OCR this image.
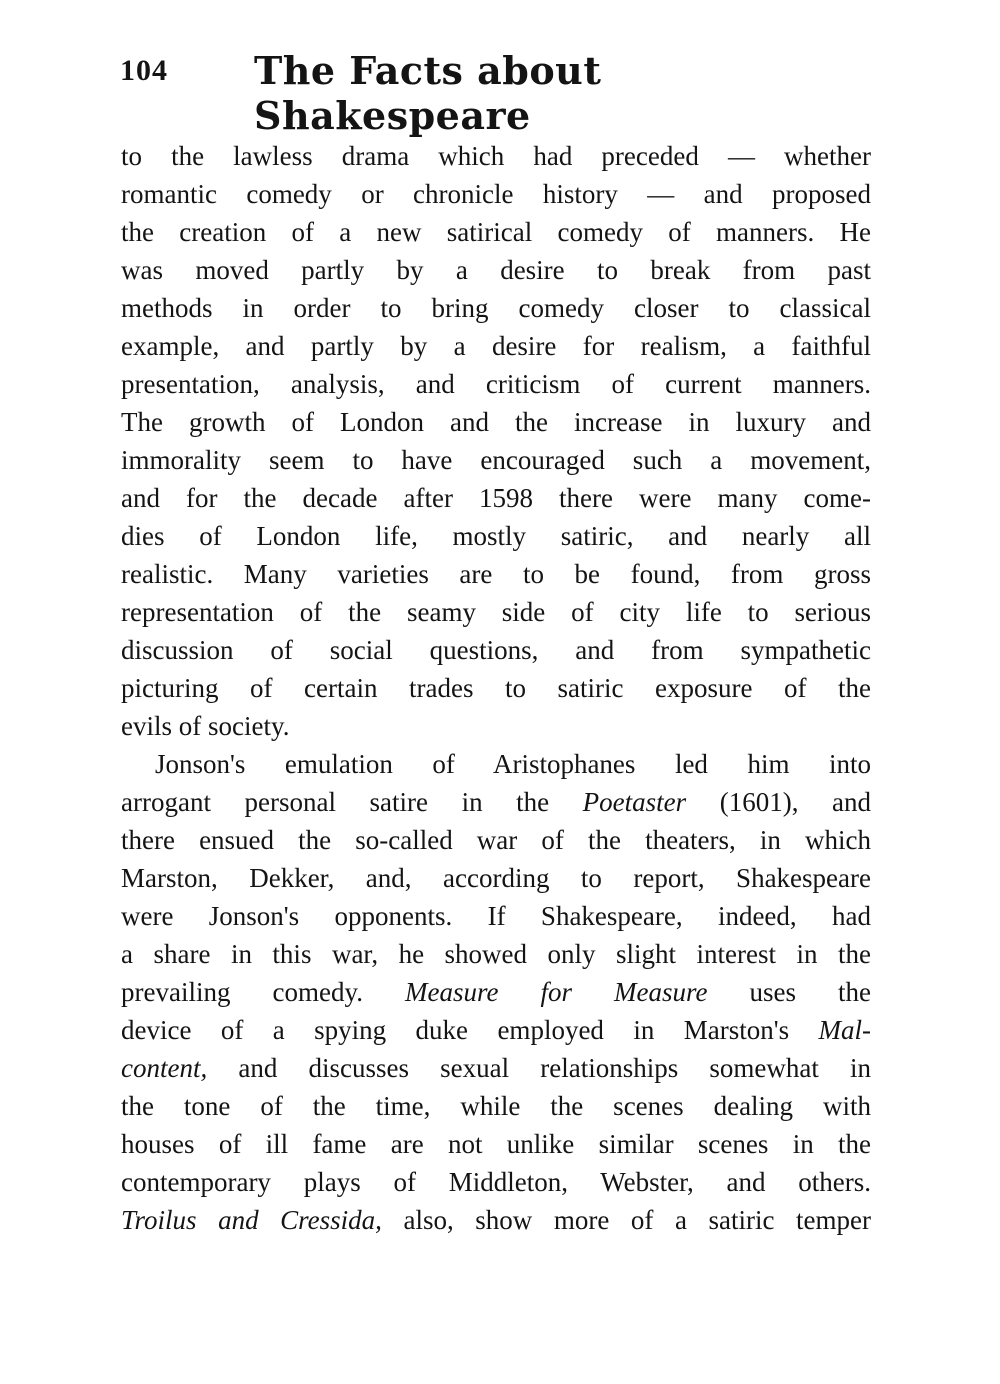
104 The Facts about Shakespeare
to the lawless drama which had preceded — whether
romantic comedy or chronicle history — and proposed
the creation of a new satirical comedy of manners. He
was moved partly by a desire to break from past
methods in order to bring comedy closer to classical
example, and partly by a desire for realism, a faithful
presentation, analysis, and criticism of current manners.
The growth of London and the increase in luxury and
immorality seem to have encouraged such a movement,
and for the decade after 1598 there were many come-
dies of London life, mostly satiric, and nearly all
realistic. Many varieties are to be found, from gross
representation of the seamy side of city life to serious
discussion of social questions, and from sympathetic
picturing of certain trades to satiric exposure of the
evils of society.
Jonson's emulation of Aristophanes led him into
arrogant personal satire in the Poetaster (1601), and
there ensued the so-called war of the theaters, in which
Marston, Dekker, and, according to report, Shakespeare
were Jonson's opponents. If Shakespeare, indeed, had
a share in this war, he showed only slight interest in the
prevailing comedy. Measure for Measure uses the
device of a spying duke employed in Marston's Mal-
content, and discusses sexual relationships somewhat in
the tone of the time, while the scenes dealing with
houses of ill fame are not unlike similar scenes in the
contemporary plays of Middleton, Webster, and others.
Troilus and Cressida, also, show more of a satiric temper
